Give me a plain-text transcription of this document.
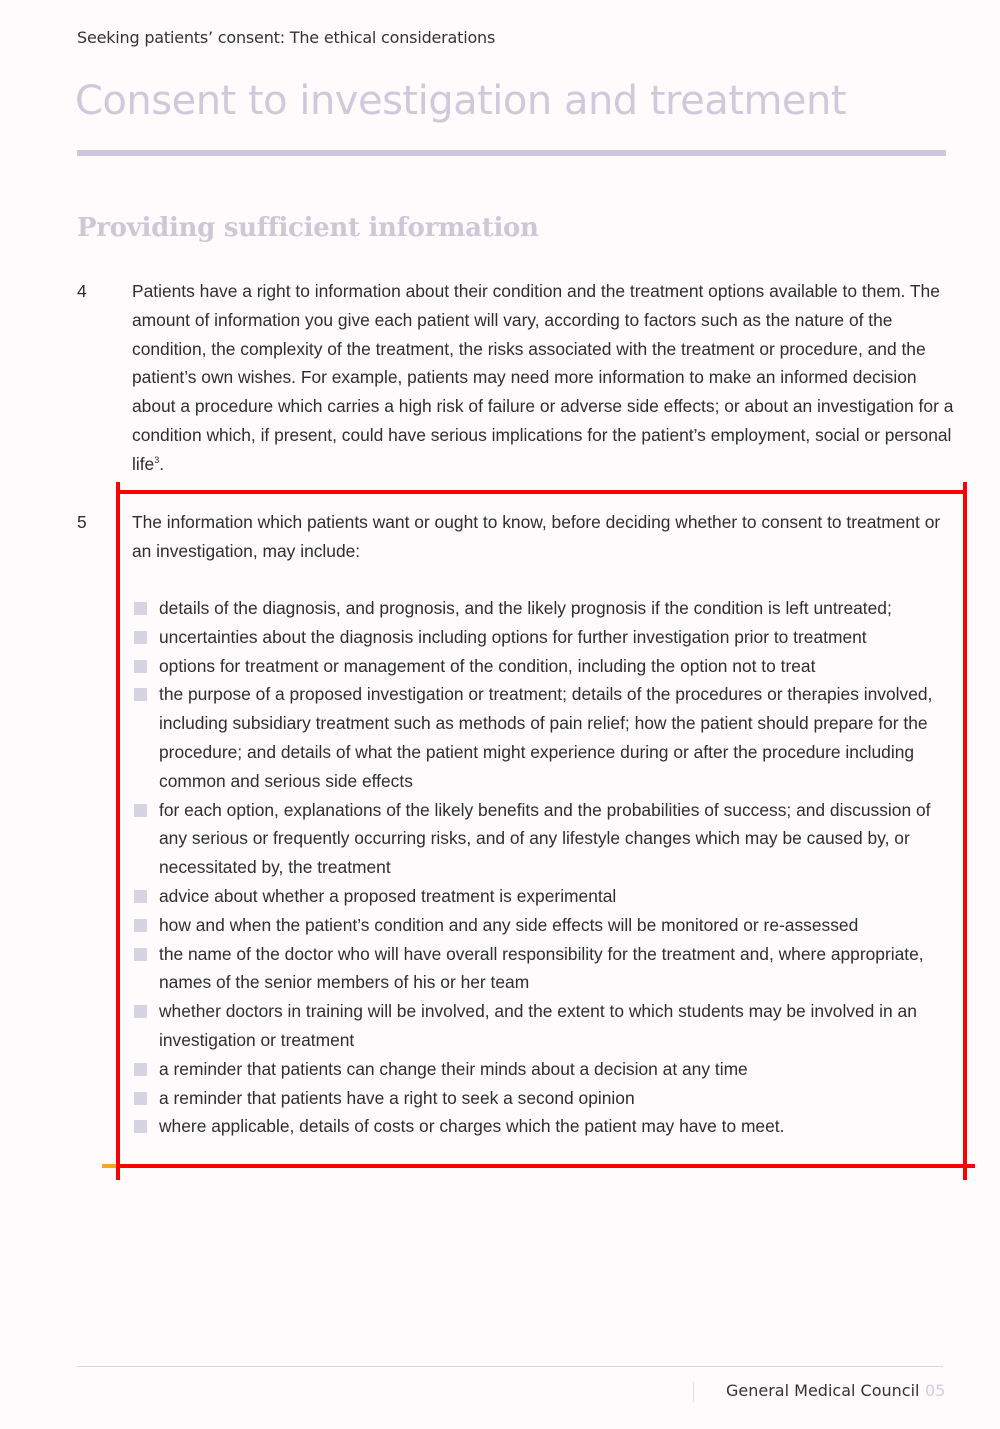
Seeking patients’ consent: The ethical considerations
Consent to investigation and treatment
Providing sufficient information
4	Patients have a right to information about their condition and the treatment options available to them. The amount of information you give each patient will vary, according to factors such as the nature of the condition, the complexity of the treatment, the risks associated with the treatment or procedure, and the patient’s own wishes. For example, patients may need more information to make an informed decision about a procedure which carries a high risk of failure or adverse side effects; or about an investigation for a condition which, if present, could have serious implications for the patient’s employment, social or personal life$^3$.
5	The information which patients want or ought to know, before deciding whether to consent to treatment or an investigation, may include:
details of the diagnosis, and prognosis, and the likely prognosis if the condition is left untreated;
uncertainties about the diagnosis including options for further investigation prior to treatment
options for treatment or management of the condition, including the option not to treat
the purpose of a proposed investigation or treatment; details of the procedures or therapies involved, including subsidiary treatment such as methods of pain relief; how the patient should prepare for the procedure; and details of what the patient might experience during or after the procedure including common and serious side effects
for each option, explanations of the likely benefits and the probabilities of success; and discussion of any serious or frequently occurring risks, and of any lifestyle changes which may be caused by, or necessitated by, the treatment
advice about whether a proposed treatment is experimental
how and when the patient’s condition and any side effects will be monitored or re-assessed
the name of the doctor who will have overall responsibility for the treatment and, where appropriate, names of the senior members of his or her team
whether doctors in training will be involved, and the extent to which students may be involved in an investigation or treatment
a reminder that patients can change their minds about a decision at any time
a reminder that patients have a right to seek a second opinion
where applicable, details of costs or charges which the patient may have to meet.
General Medical Council 05
